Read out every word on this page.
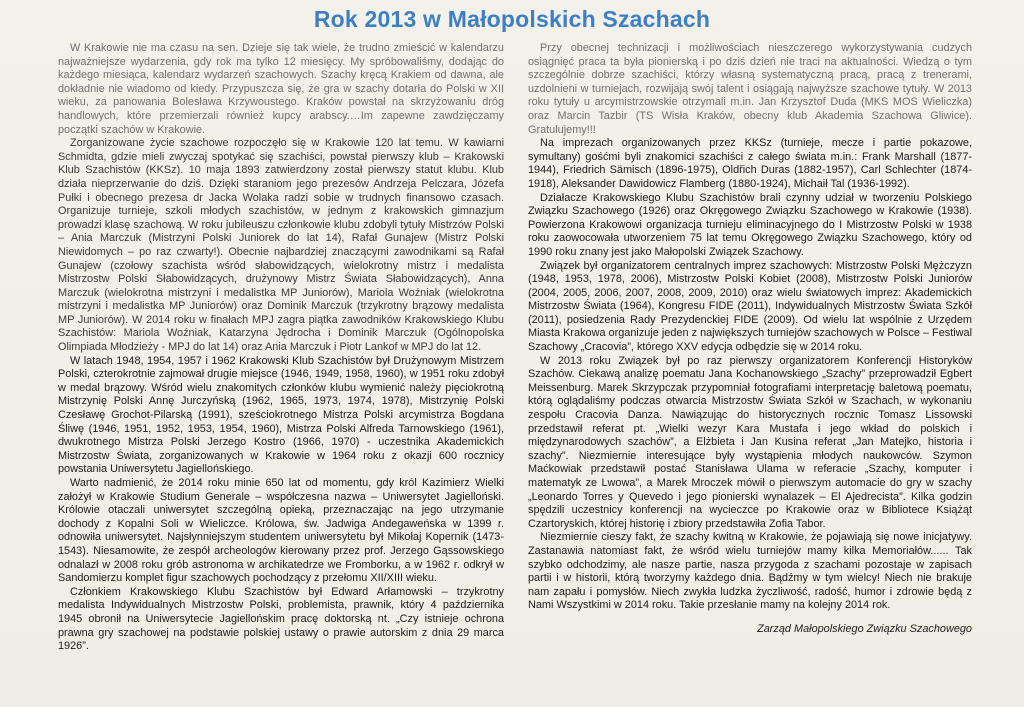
Rok 2013 w Małopolskich Szachach

W Krakowie nie ma czasu na sen. Dzieje się tak wiele, że trudno zmieścić w kalendarzu najważniejsze wydarzenia, gdy rok ma tylko 12 miesięcy. My spróbowaliśmy, dodając do każdego miesiąca, kalendarz wydarzeń szachowych. Szachy kręcą Krakiem od dawna, ale dokładnie nie wiadomo od kiedy. Przypuszcza się, że gra w szachy dotarła do Polski w XII wieku, za panowania Bolesława Krzywoustego. Kraków powstał na skrzyżowaniu dróg handlowych, które przemierzali również kupcy arabscy.…Im zapewne zawdzięczamy początki szachów w Krakowie.

Zorganizowane życie szachowe rozpoczęło się w Krakowie 120 lat temu. W kawiarni Schmidta, gdzie mieli zwyczaj spotykać się szachiści, powstał pierwszy klub – Krakowski Klub Szachistów (KKSz). 10 maja 1893 zatwierdzony został pierwszy statut klubu. Klub działa nieprzerwanie do dziś. Dzięki staraniom jego prezesów Andrzeja Pelczara, Józefa Pułki i obecnego prezesa dr Jacka Wolaka radzi sobie w trudnych finansowo czasach. Organizuje turnieje, szkoli młodych szachistów, w jednym z krakowskich gimnazjum prowadzi klasę szachową. W roku jubileuszu członkowie klubu zdobyli tytuły Mistrzów Polski – Ania Marczuk (Mistrzyni Polski Juniorek do lat 14), Rafał Gunajew (Mistrz Polski Niewidomych – po raz czwarty!). Obecnie najbardziej znaczącymi zawodnikami są Rafał Gunajew (czołowy szachista wśród słabowidzących, wielokrotny mistrz i medalista Mistrzostw Polski Słabowidzących, drużynowy Mistrz Świata Słabowidzących), Anna Marczuk (wielokrotna mistrzyni i medalistka MP Juniorów), Mariola Woźniak (wielokrotna mistrzyni i medalistka MP Juniorów) oraz Dominik Marczuk (trzykrotny brązowy medalista MP Juniorów). W 2014 roku w finałach MPJ zagra piątka zawodników Krakowskiego Klubu Szachistów: Mariola Woźniak, Katarzyna Jędrocha i Dominik Marczuk (Ogólnopolska Olimpiada Młodzieży - MPJ do lat 14) oraz Ania Marczuk i Piotr Lankof w MPJ do lat 12.

W latach 1948, 1954, 1957 i 1962 Krakowski Klub Szachistów był Drużynowym Mistrzem Polski, czterokrotnie zajmował drugie miejsce (1946, 1949, 1958, 1960), w 1951 roku zdobył w medal brązowy. Wśród wielu znakomitych członków klubu wymienić należy pięciokrotną Mistrzynię Polski Annę Jurczyńską (1962, 1965, 1973, 1974, 1978), Mistrzynię Polski Czesławę Grochot-Pilarską (1991), sześciokrotnego Mistrza Polski arcymistrza Bogdana Śliwę (1946, 1951, 1952, 1953, 1954, 1960), Mistrza Polski Alfreda Tarnowskiego (1961), dwukrotnego Mistrza Polski Jerzego Kostro (1966, 1970) - uczestnika Akademickich Mistrzostw Świata, zorganizowanych w Krakowie w 1964 roku z okazji 600 rocznicy powstania Uniwersytetu Jagiellońskiego.

Warto nadmienić, że 2014 roku minie 650 lat od momentu, gdy król Kazimierz Wielki założył w Krakowie Studium Generale – współczesna nazwa – Uniwersytet Jagielloński. Królowie otaczali uniwersytet szczególną opieką, przeznaczając na jego utrzymanie dochody z Kopalni Soli w Wieliczce. Królowa, św. Jadwiga Andegaweńska w 1399 r. odnowiła uniwersytet. Najsłynniejszym studentem uniwersytetu był Mikołaj Kopernik (1473-1543). Niesamowite, że zespół archeologów kierowany przez prof. Jerzego Gąssowskiego odnalazł w 2008 roku grób astronoma w archikatedrze we Fromborku, a w 1962 r. odkrył w Sandomierzu komplet figur szachowych pochodzący z przełomu XII/XIII wieku.

Członkiem Krakowskiego Klubu Szachistów był Edward Arłamowski – trzykrotny medalista Indywidualnych Mistrzostw Polski, problemista, prawnik, który 4 października 1945 obronił na Uniwersytecie Jagiellońskim pracę doktorską nt. „Czy istnieje ochrona prawna gry szachowej na podstawie polskiej ustawy o prawie autorskim z dnia 29 marca 1926”.

Przy obecnej technizacji i możliwościach nieszczerego wykorzystywania cudzych osiągnięć praca ta była pionierską i po dziś dzień nie traci na aktualności. Wiedzą o tym szczególnie dobrze szachiści, którzy własną systematyczną pracą, pracą z trenerami, uzdolnieni w turniejach, rozwijają swój talent i osiągają najwyższe szachowe tytuły. W 2013 roku tytuły u arcymistrzowskie otrzymali m.in. Jan Krzysztof Duda (MKS MOS Wieliczka) oraz Marcin Tazbir (TS Wisła Kraków, obecny klub Akademia Szachowa Gliwice). Gratulujemy!!!

Na imprezach organizowanych przez KKSz (turnieje, mecze i partie pokazowe, symultany) gośćmi byli znakomici szachiści z całego świata m.in.: Frank Marshall (1877-1944), Friedrich Sämisch (1896-1975), Oldřich Duras (1882-1957), Carl Schlechter (1874-1918), Aleksander Dawidowicz Flamberg (1880-1924), Michaił Tal (1936-1992).

Działacze Krakowskiego Klubu Szachistów brali czynny udział w tworzeniu Polskiego Związku Szachowego (1926) oraz Okręgowego Związku Szachowego w Krakowie (1938). Powierzona Krakowowi organizacja turnieju eliminacyjnego do I Mistrzostw Polski w 1938 roku zaowocowała utworzeniem 75 lat temu Okręgowego Związku Szachowego, który od 1990 roku znany jest jako Małopolski Związek Szachowy.

Związek był organizatorem centralnych imprez szachowych: Mistrzostw Polski Mężczyzn (1948, 1953, 1978, 2006), Mistrzostw Polski Kobiet (2008), Mistrzostw Polski Juniorów (2004, 2005, 2006, 2007, 2008, 2009, 2010) oraz wielu światowych imprez: Akademickich Mistrzostw Świata (1964), Kongresu FIDE (2011), Indywidualnych Mistrzostw Świata Szkół (2011), posiedzenia Rady Prezydenckiej FIDE (2009). Od wielu lat wspólnie z Urzędem Miasta Krakowa organizuje jeden z największych turniejów szachowych w Polsce – Festiwal Szachowy „Cracovia”, którego XXV edycja odbędzie się w 2014 roku.

W 2013 roku Związek był po raz pierwszy organizatorem Konferencji Historyków Szachów. Ciekawą analizę poematu Jana Kochanowskiego „Szachy” przeprowadził Egbert Meissenburg. Marek Skrzypczak przypomniał fotografiami interpretację baletową poematu, którą oglądaliśmy podczas otwarcia Mistrzostw Świata Szkół w Szachach, w wykonaniu zespołu Cracovia Danza. Nawiązując do historycznych rocznic Tomasz Lissowski przedstawił referat pt. „Wielki wezyr Kara Mustafa i jego wkład do polskich i międzynarodowych szachów”, a Elżbieta i Jan Kusina referat „Jan Matejko, historia i szachy”. Niezmiernie interesujące były wystąpienia młodych naukowców. Szymon Maćkowiak przedstawił postać Stanisława Ulama w referacie „Szachy, komputer i matematyk ze Lwowa”, a Marek Mroczek mówił o pierwszym automacie do gry w szachy „Leonardo Torres y Quevedo i jego pionierski wynalazek – El Ajedrecista”. Kilka godzin spędzili uczestnicy konferencji na wycieczce po Krakowie oraz w Bibliotece Książąt Czartoryskich, której historię i zbiory przedstawiła Zofia Tabor.

Niezmiernie cieszy fakt, że szachy kwitną w Krakowie, że pojawiają się nowe inicjatywy. Zastanawia natomiast fakt, że wśród wielu turniejów mamy kilka Memoriałów...... Tak szybko odchodzimy, ale nasze partie, nasza przygoda z szachami pozostaje w zapisach partii i w historii, którą tworzymy każdego dnia. Bądźmy w tym wielcy! Niech nie brakuje nam zapału i pomysłów. Niech zwykła ludzka życzliwość, radość, humor i zdrowie będą z Nami Wszystkimi w 2014 roku. Takie przesłanie mamy na kolejny 2014 rok.

Zarząd Małopolskiego Związku Szachowego
